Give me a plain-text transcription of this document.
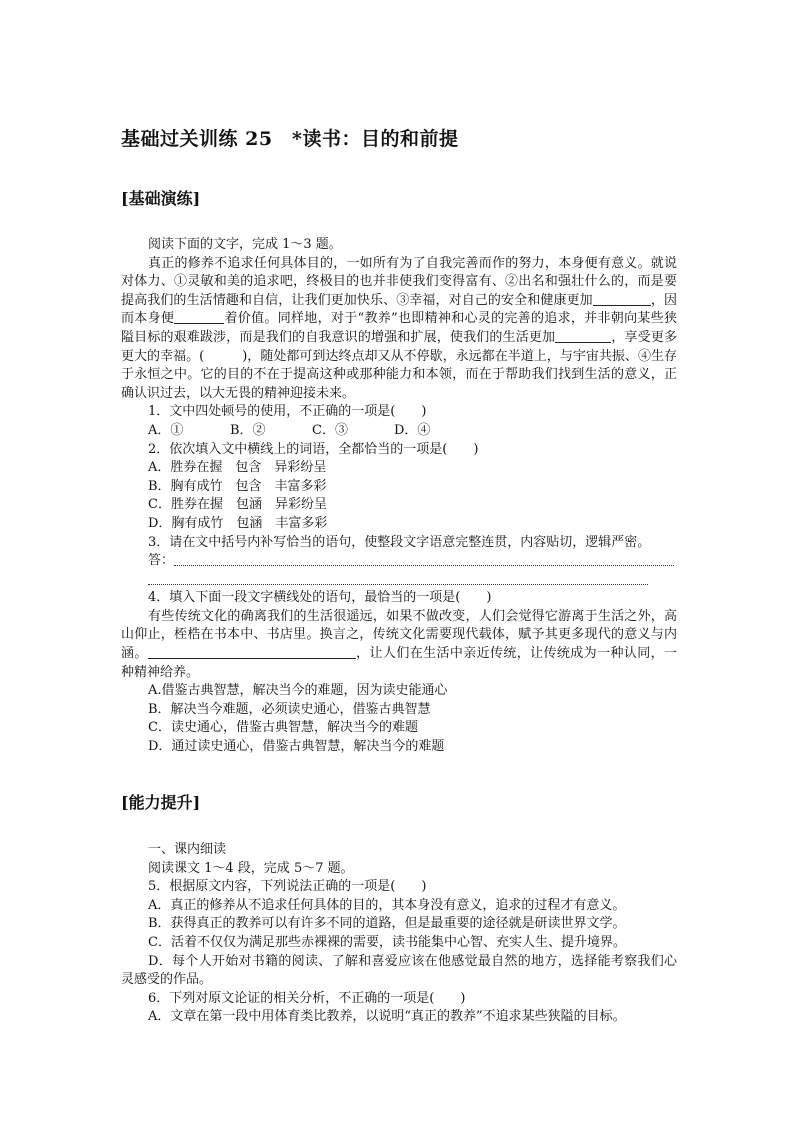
基础过关训练 25　*读书：目的和前提
[基础演练]

阅读下面的文字，完成 1～3 题。

真正的修养不追求任何具体目的，一如所有为了自我完善而作的努力，本身便有意义。就说对体力、①灵敏和美的追求吧，终极目的也并非使我们变得富有、②出名和强壮什么的，而是要提高我们的生活情趣和自信，让我们更加快乐、③幸福，对自己的安全和健康更加	，因而本身便	着价值。同样地，对于“教养”也即精神和心灵的完善的追求，并非朝向某些狭隘目标的艰难跋涉，而是我们的自我意识的增强和扩展，使我们的生活更加	，享受更多更大的幸福。(	)，随处都可到达终点却又从不停歇，永远都在半道上，与宇宙共振、④生存于永恒之中。它的目的不在于提高这种或那种能力和本领，而在于帮助我们找到生活的意义，正确认识过去，以大无畏的精神迎接未来。

1．文中四处顿号的使用，不正确的一项是(　　)

A．①	B．②	C．③	D．④

2．依次填入文中横线上的词语，全都恰当的一项是(　　)

A．胜券在握　包含　异彩纷呈

B．胸有成竹　包含　丰富多彩

C．胜券在握　包涵　异彩纷呈

D．胸有成竹　包涵　丰富多彩

3．请在文中括号内补写恰当的语句，使整段文字语意完整连贯，内容贴切，逻辑严密。

答：

4．填入下面一段文字横线处的语句，最恰当的一项是(　　)

有些传统文化的确离我们的生活很遥远，如果不做改变，人们会觉得它游离于生活之外，高山仰止，桎梏在书本中、书店里。换言之，传统文化需要现代载体，赋予其更多现代的意义与内涵。	，让人们在生活中亲近传统，让传统成为一种认同，一种精神给养。

A.借鉴古典智慧，解决当今的难题，因为读史能通心

B．解决当今难题，必须读史通心，借鉴古典智慧

C．读史通心，借鉴古典智慧，解决当今的难题

D．通过读史通心，借鉴古典智慧，解决当今的难题

[能力提升]

一、课内细读

阅读课文 1～4 段，完成 5～7 题。

5．根据原文内容，下列说法正确的一项是(　　)

A．真正的修养从不追求任何具体的目的，其本身没有意义，追求的过程才有意义。

B．获得真正的教养可以有许多不同的道路，但是最重要的途径就是研读世界文学。

C．活着不仅仅为满足那些赤裸裸的需要，读书能集中心智、充实人生、提升境界。

D．每个人开始对书籍的阅读、了解和喜爱应该在他感觉最自然的地方，选择能考察我们心灵感受的作品。

6．下列对原文论证的相关分析，不正确的一项是(　　)

A．文章在第一段中用体育类比教养，以说明“真正的教养”不追求某些狭隘的目标。
